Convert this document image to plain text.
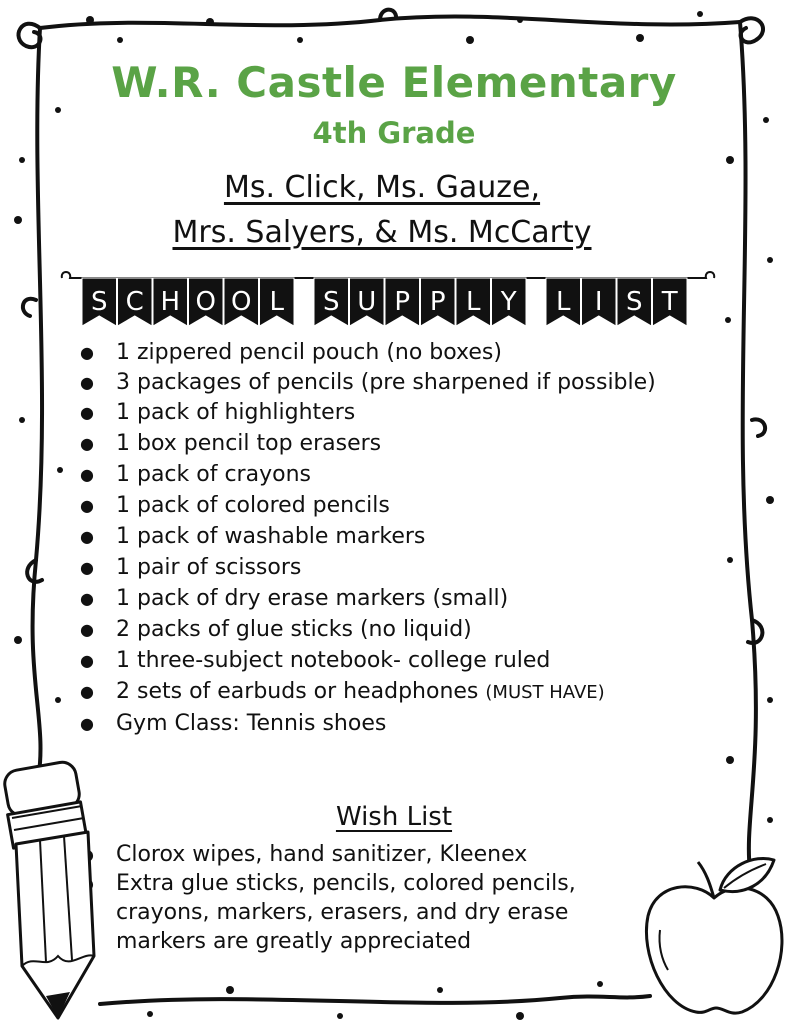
W.R. Castle Elementary
4th Grade
Ms. Click, Ms. Gauze,
Mrs. Salyers, & Ms. McCarty
S C H O O L S U P P L Y L I S T
● 1 zippered pencil pouch (no boxes)
● 3 packages of pencils (pre sharpened if possible)
● 1 pack of highlighters
● 1 box pencil top erasers
● 1 pack of crayons
● 1 pack of colored pencils
● 1 pack of washable markers
● 1 pair of scissors
● 1 pack of dry erase markers (small)
● 2 packs of glue sticks (no liquid)
● 1 three-subject notebook- college ruled
● 2 sets of earbuds or headphones (MUST HAVE)
● Gym Class: Tennis shoes
Wish List
● Clorox wipes, hand sanitizer, Kleenex
● Extra glue sticks, pencils, colored pencils, crayons, markers, erasers, and dry erase markers are greatly appreciated
